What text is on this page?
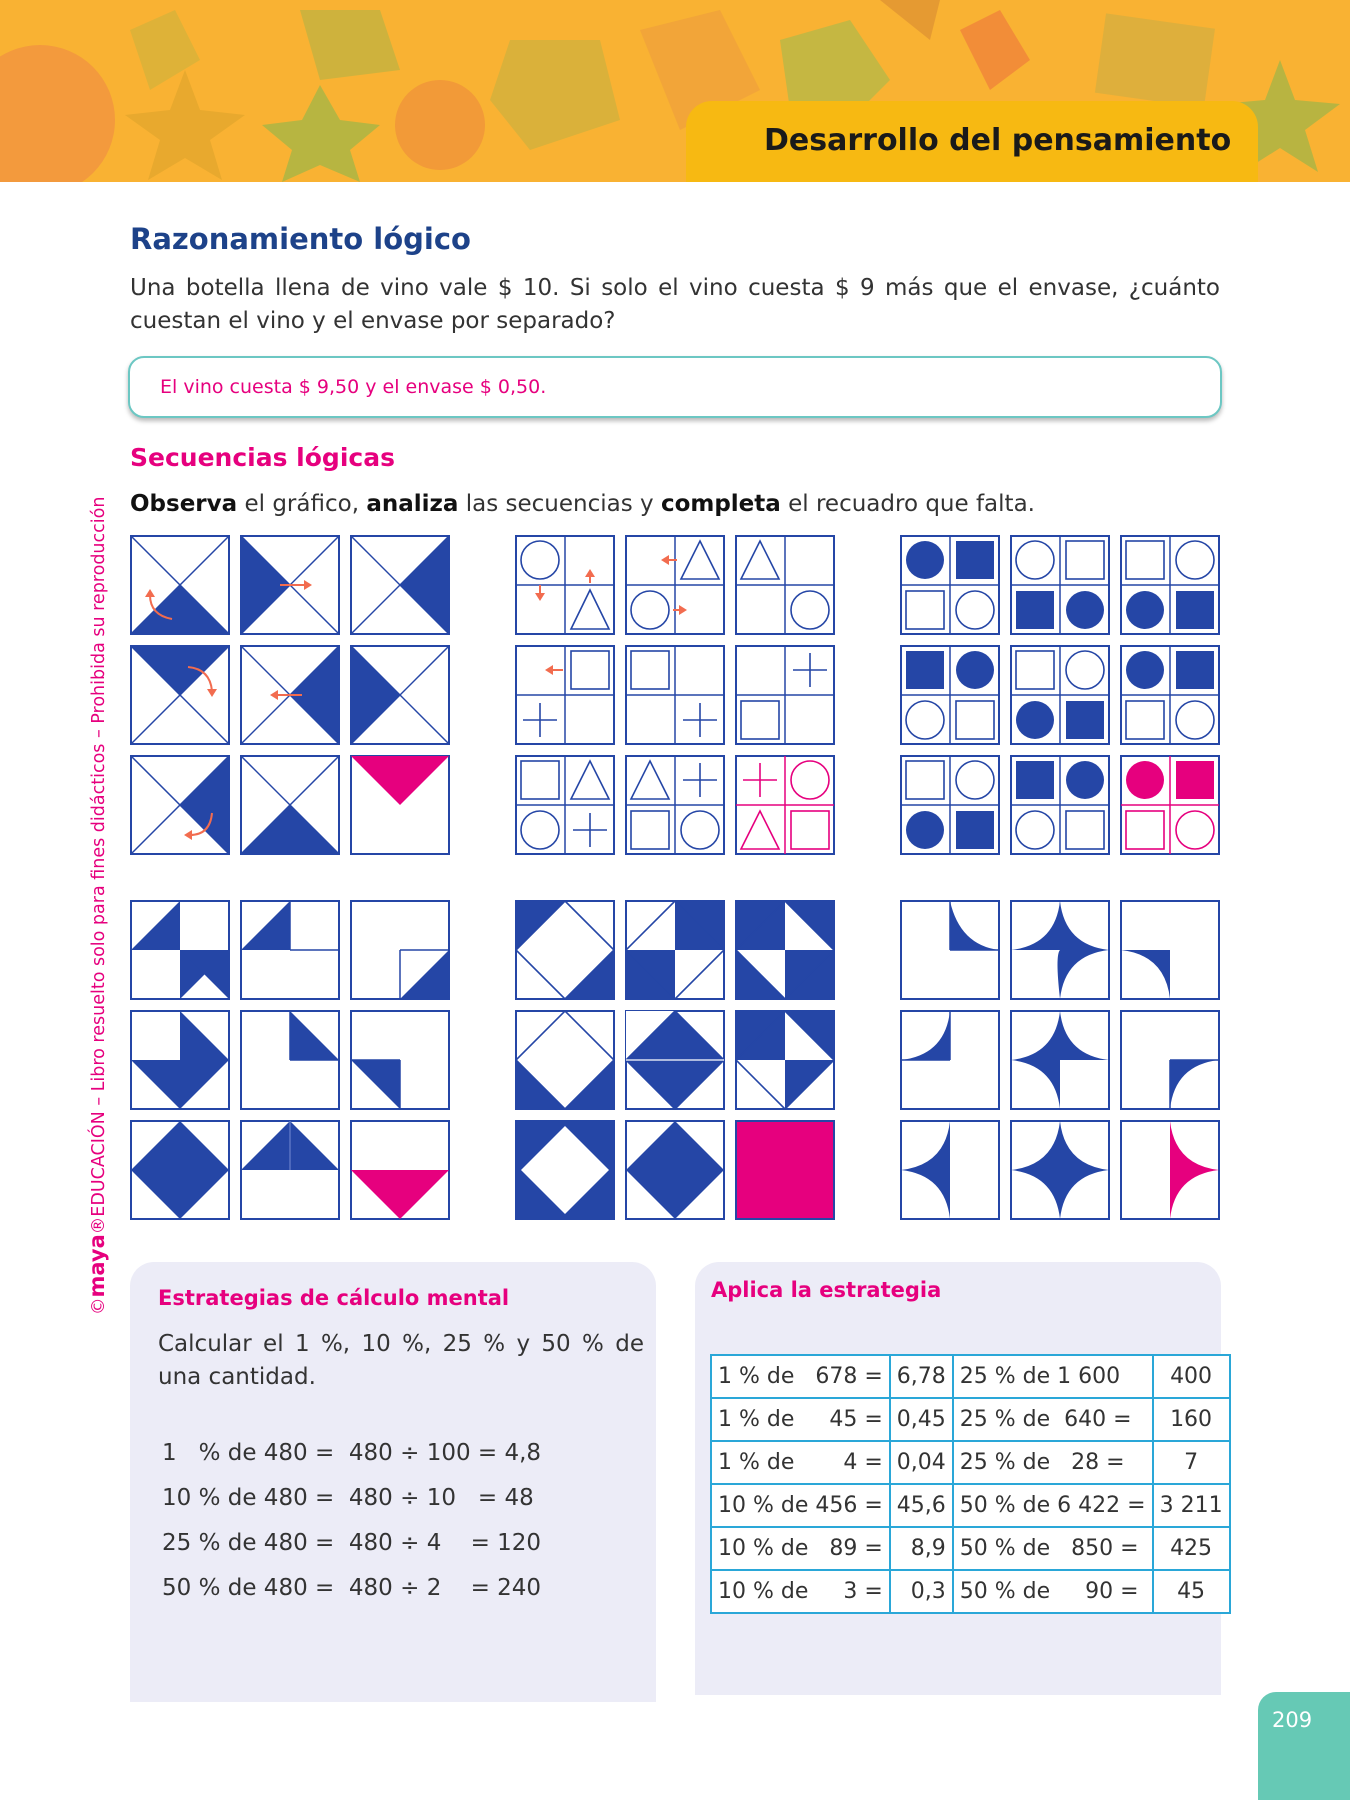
Desarrollo del pensamiento
©maya®EDUCACIÓN – Libro resuelto solo para fines didácticos – Prohibida su reproducción
Razonamiento lógico

Una botella llena de vino vale $ 10. Si solo el vino cuesta $ 9 más que el envase, ¿cuánto cuestan el vino y el envase por separado?

El vino cuesta $ 9,50 y el envase $ 0,50.
Secuencias lógicas

Observa el gráfico, analiza las secuencias y completa el recuadro que falta.

Estrategias de cálculo mental

Calcular el 1 %, 10 %, 25 % y 50 % de una cantidad.

1   % de 480 =  480 ÷ 100 = 4,8
10 % de 480 =  480 ÷ 10   = 48
25 % de 480 =  480 ÷ 4    = 120
50 % de 480 =  480 ÷ 2    = 240
Aplica la estrategia
1 % de   678 =	6,78	25 % de 1 600	400
1 % de     45 =	0,45	25 % de  640 =	160
1 % de       4 =	0,04	25 % de   28 =	7
10 % de 456 =	45,6	50 % de 6 422 =	3 211
10 % de   89 =	8,9	50 % de   850 =	425
10 % de     3 =	0,3	50 % de     90 =	45
209
